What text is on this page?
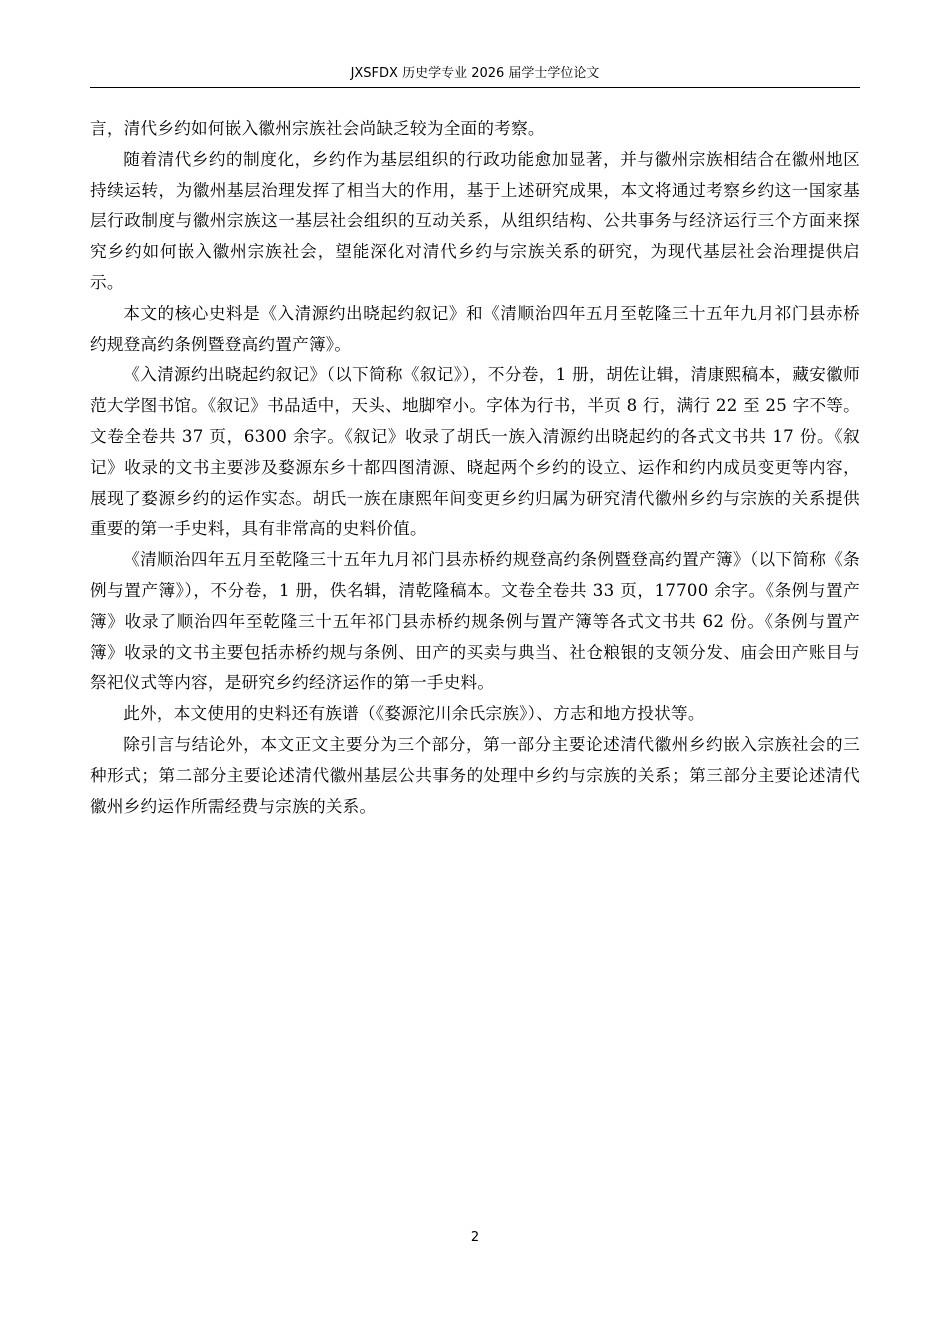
JXSFDX 历史学专业 2026 届学士学位论文

言，清代乡约如何嵌入徽州宗族社会尚缺乏较为全面的考察。

随着清代乡约的制度化，乡约作为基层组织的行政功能愈加显著，并与徽州宗族相结合在徽州地区持续运转，为徽州基层治理发挥了相当大的作用，基于上述研究成果，本文将通过考察乡约这一国家基层行政制度与徽州宗族这一基层社会组织的互动关系，从组织结构、公共事务与经济运行三个方面来探究乡约如何嵌入徽州宗族社会，望能深化对清代乡约与宗族关系的研究，为现代基层社会治理提供启示。

本文的核心史料是《入清源约出晓起约叙记》和《清顺治四年五月至乾隆三十五年九月祁门县赤桥约规登高约条例暨登高约置产簿》。

《入清源约出晓起约叙记》（以下简称《叙记》），不分卷，1 册，胡佐让辑，清康熙稿本，藏安徽师范大学图书馆。《叙记》书品适中，天头、地脚窄小。字体为行书，半页 8 行，满行 22 至 25 字不等。文卷全卷共 37 页，6300 余字。《叙记》收录了胡氏一族入清源约出晓起约的各式文书共 17 份。《叙记》收录的文书主要涉及婺源东乡十都四图清源、晓起两个乡约的设立、运作和约内成员变更等内容，展现了婺源乡约的运作实态。胡氏一族在康熙年间变更乡约归属为研究清代徽州乡约与宗族的关系提供重要的第一手史料，具有非常高的史料价值。

《清顺治四年五月至乾隆三十五年九月祁门县赤桥约规登高约条例暨登高约置产簿》（以下简称《条例与置产簿》），不分卷，1 册，佚名辑，清乾隆稿本。文卷全卷共 33 页，17700 余字。《条例与置产簿》收录了顺治四年至乾隆三十五年祁门县赤桥约规条例与置产簿等各式文书共 62 份。《条例与置产簿》收录的文书主要包括赤桥约规与条例、田产的买卖与典当、社仓粮银的支领分发、庙会田产账目与祭祀仪式等内容，是研究乡约经济运作的第一手史料。

此外，本文使用的史料还有族谱（《婺源沱川余氏宗族》）、方志和地方投状等。

除引言与结论外，本文正文主要分为三个部分，第一部分主要论述清代徽州乡约嵌入宗族社会的三种形式；第二部分主要论述清代徽州基层公共事务的处理中乡约与宗族的关系；第三部分主要论述清代徽州乡约运作所需经费与宗族的关系。

2
